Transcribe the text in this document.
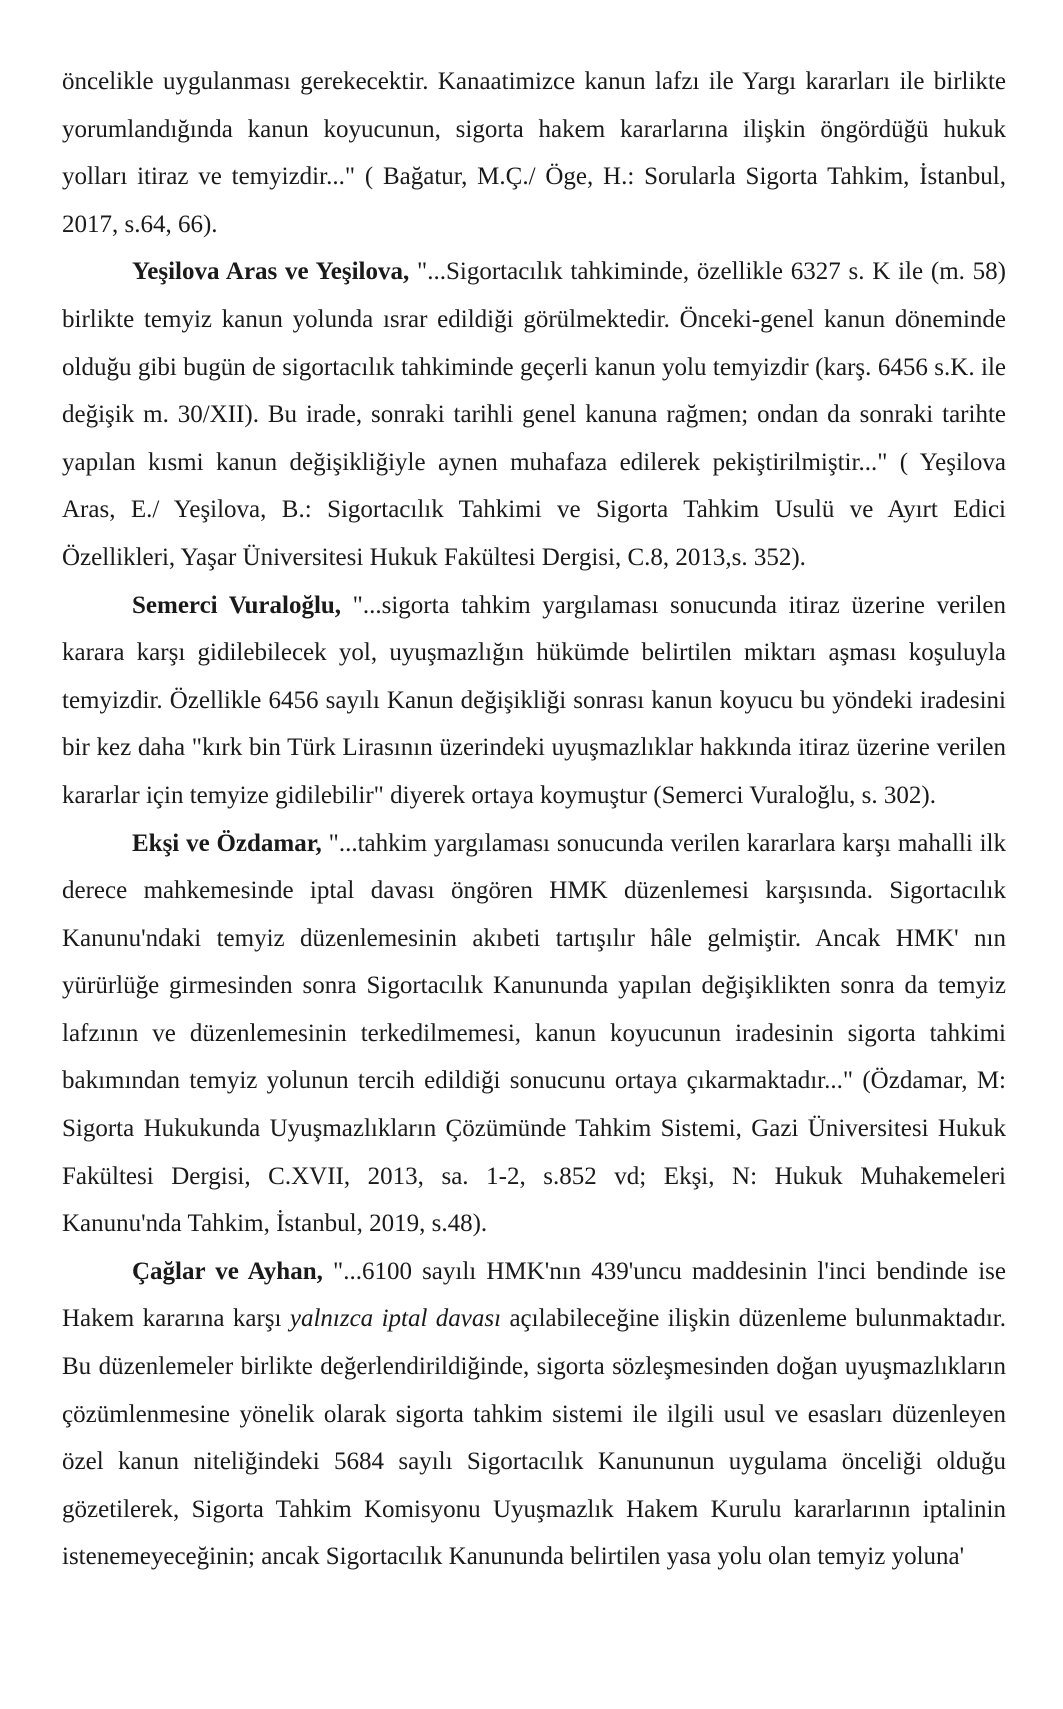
öncelikle uygulanması gerekecektir. Kanaatimizce kanun lafzı ile Yargı kararları ile birlikte yorumlandığında kanun koyucunun, sigorta hakem kararlarına ilişkin öngördüğü hukuk yolları itiraz ve temyizdir..." ( Bağatur, M.Ç./ Öge, H.: Sorularla Sigorta Tahkim, İstanbul, 2017, s.64, 66).

Yeşilova Aras ve Yeşilova, "...Sigortacılık tahkiminde, özellikle 6327 s. K ile (m. 58) birlikte temyiz kanun yolunda ısrar edildiği görülmektedir. Önceki-genel kanun döneminde olduğu gibi bugün de sigortacılık tahkiminde geçerli kanun yolu temyizdir (karş. 6456 s.K. ile değişik m. 30/XII). Bu irade, sonraki tarihli genel kanuna rağmen; ondan da sonraki tarihte yapılan kısmi kanun değişikliğiyle aynen muhafaza edilerek pekiştirilmiştir..." ( Yeşilova Aras, E./ Yeşilova, B.: Sigortacılık Tahkimi ve Sigorta Tahkim Usulü ve Ayırt Edici Özellikleri, Yaşar Üniversitesi Hukuk Fakültesi Dergisi, C.8, 2013,s. 352).

Semerci Vuraloğlu, "...sigorta tahkim yargılaması sonucunda itiraz üzerine verilen karara karşı gidilebilecek yol, uyuşmazlığın hükümde belirtilen miktarı aşması koşuluyla temyizdir. Özellikle 6456 sayılı Kanun değişikliği sonrası kanun koyucu bu yöndeki iradesini bir kez daha "kırk bin Türk Lirasının üzerindeki uyuşmazlıklar hakkında itiraz üzerine verilen kararlar için temyize gidilebilir" diyerek ortaya koymuştur (Semerci Vuraloğlu, s. 302).

Ekşi ve Özdamar, "...tahkim yargılaması sonucunda verilen kararlara karşı mahalli ilk derece mahkemesinde iptal davası öngören HMK düzenlemesi karşısında. Sigortacılık Kanunu'ndaki temyiz düzenlemesinin akıbeti tartışılır hâle gelmiştir. Ancak HMK' nın yürürlüğe girmesinden sonra Sigortacılık Kanununda yapılan değişiklikten sonra da temyiz lafzının ve düzenlemesinin terkedilmemesi, kanun koyucunun iradesinin sigorta tahkimi bakımından temyiz yolunun tercih edildiği sonucunu ortaya çıkarmaktadır..." (Özdamar, M: Sigorta Hukukunda Uyuşmazlıkların Çözümünde Tahkim Sistemi, Gazi Üniversitesi Hukuk Fakültesi Dergisi, C.XVII, 2013, sa. 1-2, s.852 vd; Ekşi, N: Hukuk Muhakemeleri Kanunu'nda Tahkim, İstanbul, 2019, s.48).

Çağlar ve Ayhan, "...6100 sayılı HMK'nın 439'uncu maddesinin l'inci bendinde ise Hakem kararına karşı yalnızca iptal davası açılabileceğine ilişkin düzenleme bulunmaktadır. Bu düzenlemeler birlikte değerlendirildiğinde, sigorta sözleşmesinden doğan uyuşmazlıkların çözümlenmesine yönelik olarak sigorta tahkim sistemi ile ilgili usul ve esasları düzenleyen özel kanun niteliğindeki 5684 sayılı Sigortacılık Kanununun uygulama önceliği olduğu gözetilerek, Sigorta Tahkim Komisyonu Uyuşmazlık Hakem Kurulu kararlarının iptalinin istenemeyeceğinin; ancak Sigortacılık Kanununda belirtilen yasa yolu olan temyiz yoluna'
